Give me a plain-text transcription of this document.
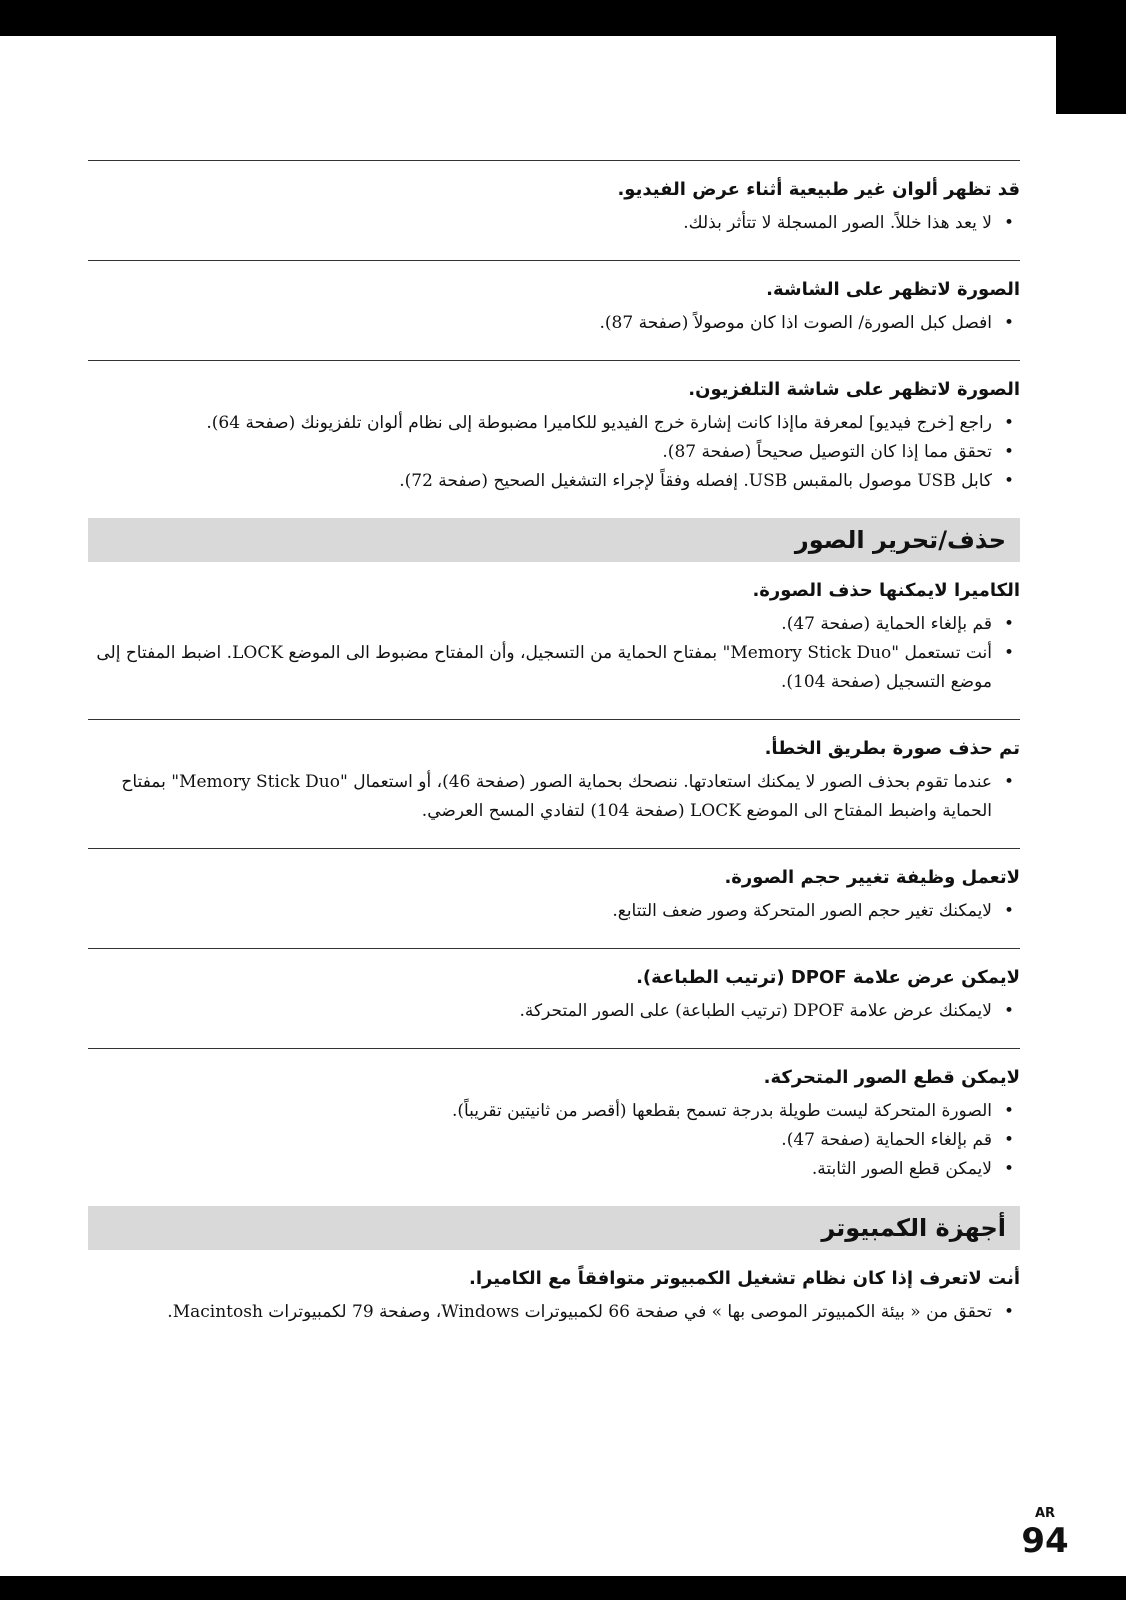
قد تظهر ألوان غير طبيعية أثناء عرض الفيديو.
• لا يعد هذا خللاً. الصور المسجلة لا تتأثر بذلك.
الصورة لاتظهر على الشاشة.
• افصل كبل الصورة/ الصوت اذا كان موصولاً (صفحة 87).
الصورة لاتظهر على شاشة التلفزيون.
• راجع [خرج فيديو] لمعرفة ماإذا كانت إشارة خرج الفيديو للكاميرا مضبوطة إلى نظام ألوان تلفزيونك (صفحة 64).
• تحقق مما إذا كان التوصيل صحيحاً (صفحة 87).
• كابل USB موصول بالمقبس USB. إفصله وفقاً لإجراء التشغيل الصحيح (صفحة 72).
حذف/تحرير الصور
الكاميرا لايمكنها حذف الصورة.
• قم بإلغاء الحماية (صفحة 47).
• أنت تستعمل "Memory Stick Duo" بمفتاح الحماية من التسجيل، وأن المفتاح مضبوط الى الموضع LOCK. اضبط المفتاح إلى موضع التسجيل (صفحة 104).
تم حذف صورة بطريق الخطأ.
• عندما تقوم بحذف الصور لا يمكنك استعادتها. ننصحك بحماية الصور (صفحة 46)، أو استعمال "Memory Stick Duo" بمفتاح الحماية واضبط المفتاح الى الموضع LOCK (صفحة 104) لتفادي المسح العرضي.
لاتعمل وظيفة تغيير حجم الصورة.
• لايمكنك تغير حجم الصور المتحركة وصور ضعف التتابع.
لايمكن عرض علامة DPOF (ترتيب الطباعة).
• لايمكنك عرض علامة DPOF (ترتيب الطباعة) على الصور المتحركة.
لايمكن قطع الصور المتحركة.
• الصورة المتحركة ليست طويلة بدرجة تسمح بقطعها (أقصر من ثانيتين تقريباً).
• قم بإلغاء الحماية (صفحة 47).
• لايمكن قطع الصور الثابتة.
أجهزة الكمبيوتر
أنت لاتعرف إذا كان نظام تشغيل الكمبيوتر متوافقاً مع الكاميرا.
• تحقق من « بيئة الكمبيوتر الموصى بها » في صفحة 66 لكمبيوترات Windows، وصفحة 79 لكمبيوترات Macintosh.
AR
94
